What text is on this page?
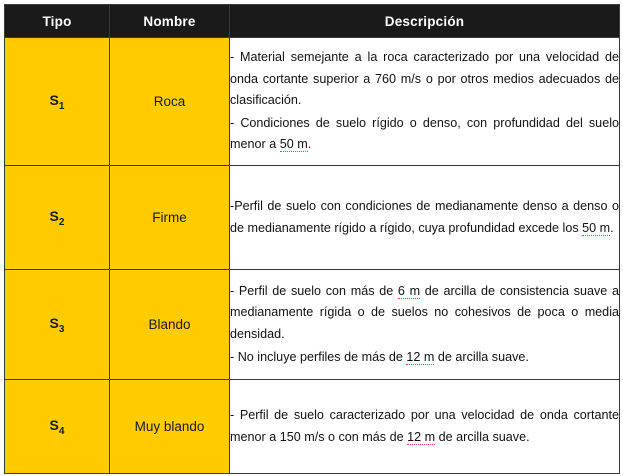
Tipo	Nombre	Descripción
$S_1$	Roca	- Material semejante a la roca caracterizado por una velocidad de onda cortante superior a 760 m/s o por otros medios adecuados de clasificación.

- Condiciones de suelo rígido o denso, con profundidad del suelo menor a 50 m.

$S_2$	Firme	-Perfil de suelo con condiciones de medianamente denso a denso o de medianamente rígido a rígido, cuya profundidad excede los 50 m.

$S_3$	Blando	- Perfil de suelo con más de 6 m de arcilla de consistencia suave a medianamente rígida o de suelos no cohesivos de poca o media densidad.

- No incluye perfiles de más de 12 m de arcilla suave.

$S_4$	Muy blando	- Perfil de suelo caracterizado por una velocidad de onda cortante menor a 150 m/s o con más de 12 m de arcilla suave.
